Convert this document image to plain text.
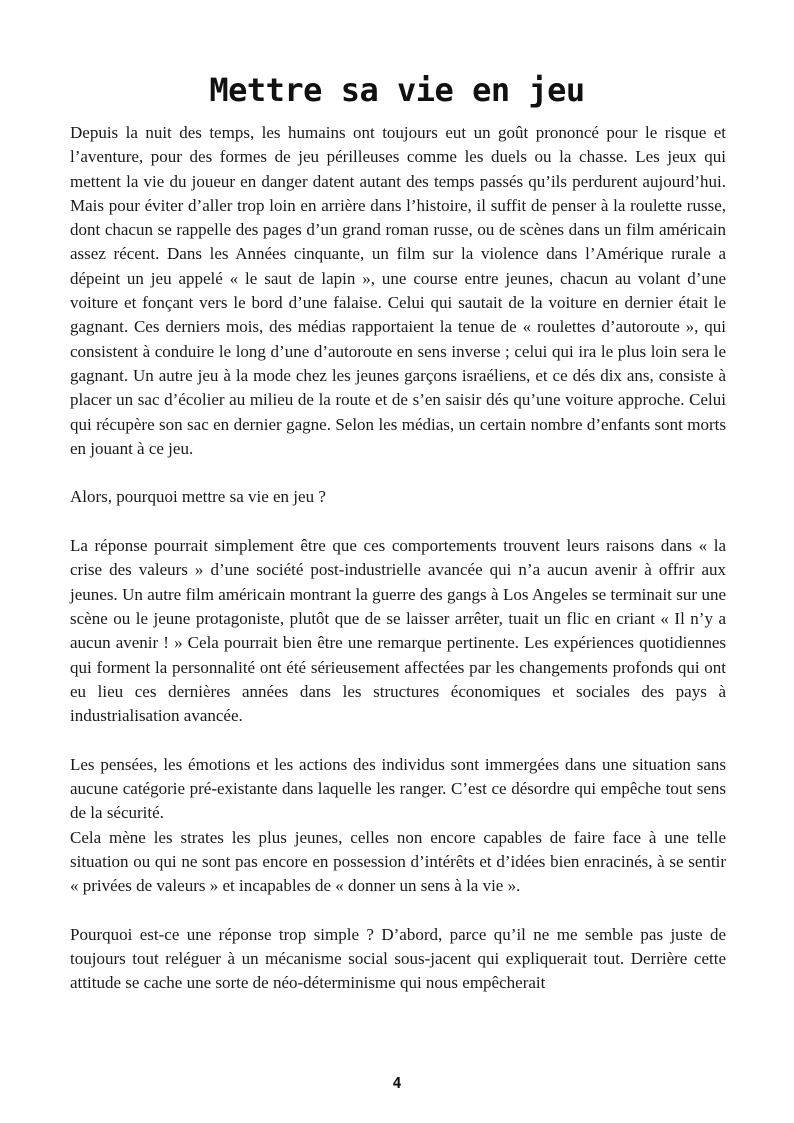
Mettre sa vie en jeu

Depuis la nuit des temps, les humains ont toujours eut un goût prononcé pour le risque et l’aventure, pour des formes de jeu périlleuses comme les duels ou la chasse. Les jeux qui mettent la vie du joueur en danger datent autant des temps passés qu’ils perdurent aujourd’hui. Mais pour éviter d’aller trop loin en arrière dans l’histoire, il suffit de penser à la roulette russe, dont chacun se rappelle des pages d’un grand roman russe, ou de scènes dans un film américain assez récent. Dans les Années cinquante, un film sur la violence dans l’Amérique rurale a dépeint un jeu appelé « le saut de lapin », une course entre jeunes, chacun au volant d’une voiture et fonçant vers le bord d’une falaise. Celui qui sautait de la voiture en dernier était le gagnant. Ces derniers mois, des médias rapportaient la tenue de « roulettes d’autoroute », qui consistent à conduire le long d’une d’autoroute en sens inverse ; celui qui ira le plus loin sera le gagnant. Un autre jeu à la mode chez les jeunes garçons israéliens, et ce dés dix ans, consiste à placer un sac d’écolier au milieu de la route et de s’en saisir dés qu’une voiture approche. Celui qui récupère son sac en dernier gagne. Selon les médias, un certain nombre d’enfants sont morts en jouant à ce jeu.

Alors, pourquoi mettre sa vie en jeu ?

La réponse pourrait simplement être que ces comportements trouvent leurs raisons dans « la crise des valeurs » d’une société post-industrielle avancée qui n’a aucun avenir à offrir aux jeunes. Un autre film américain montrant la guerre des gangs à Los Angeles se terminait sur une scène ou le jeune protagoniste, plutôt que de se laisser arrêter, tuait un flic en criant « Il n’y a aucun avenir ! » Cela pourrait bien être une remarque pertinente. Les expériences quotidiennes qui forment la personnalité ont été sérieusement affectées par les changements profonds qui ont eu lieu ces dernières années dans les structures économiques et sociales des pays à industrialisation avancée.

Les pensées, les émotions et les actions des individus sont immergées dans une situation sans aucune catégorie pré-existante dans laquelle les ranger. C’est ce désordre qui empêche tout sens de la sécurité.

Cela mène les strates les plus jeunes, celles non encore capables de faire face à une telle situation ou qui ne sont pas encore en possession d’intérêts et d’idées bien enracinés, à se sentir « privées de valeurs » et incapables de « donner un sens à la vie ».

Pourquoi est-ce une réponse trop simple ? D’abord, parce qu’il ne me semble pas juste de toujours tout reléguer à un mécanisme social sous-jacent qui expliquerait tout. Derrière cette attitude se cache une sorte de néo-déterminisme qui nous empêcherait

4
